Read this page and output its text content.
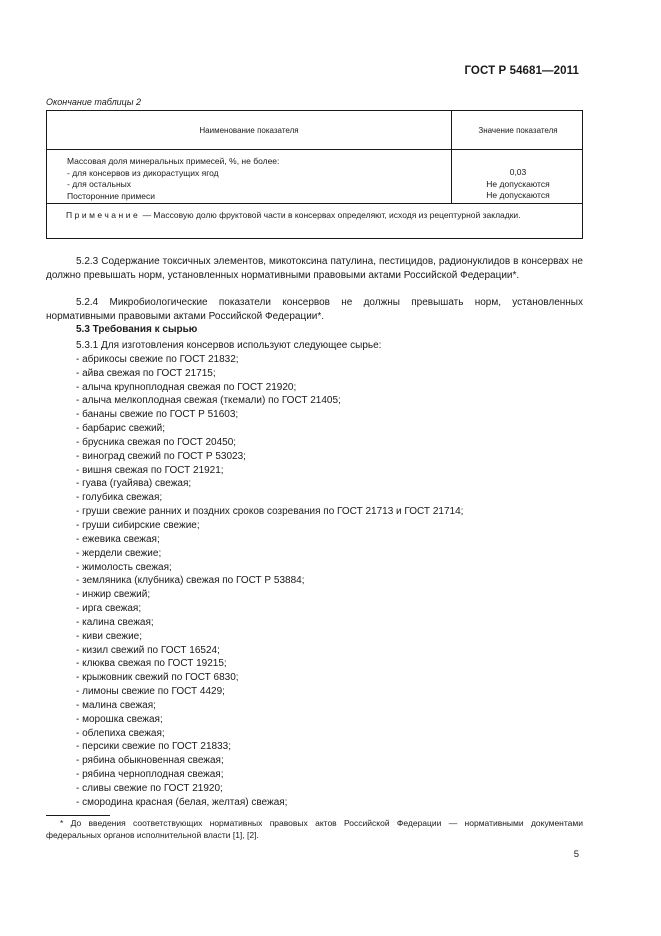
ГОСТ Р 54681—2011
Окончание таблицы 2
Наименование показателя	Значение показателя
Массовая доля минеральных примесей, %, не более:
- для консервов из дикорастущих ягод
- для остальных
Посторонние примеси
0,03
Не допускаются
Не допускаются
Примечание — Массовую долю фруктовой части в консервах определяют, исходя из рецептурной закладки.
5.2.3 Содержание токсичных элементов, микотоксина патулина, пестицидов, радионуклидов в консервах не должно превышать норм, установленных нормативными правовыми актами Российской Федерации*.
5.2.4 Микробиологические показатели консервов не должны превышать норм, установленных нормативными правовыми актами Российской Федерации*.
5.3 Требования к сырью
5.3.1 Для изготовления консервов используют следующее сырье:
- абрикосы свежие по ГОСТ 21832;
- айва свежая по ГОСТ 21715;
- алыча крупноплодная свежая по ГОСТ 21920;
- алыча мелкоплодная свежая (ткемали) по ГОСТ 21405;
- бананы свежие по ГОСТ Р 51603;
- барбарис свежий;
- брусника свежая по ГОСТ 20450;
- виноград свежий по ГОСТ Р 53023;
- вишня свежая по ГОСТ 21921;
- гуава (гуайява) свежая;
- голубика свежая;
- груши свежие ранних и поздних сроков созревания по ГОСТ 21713 и ГОСТ 21714;
- груши сибирские свежие;
- ежевика свежая;
- жердели свежие;
- жимолость свежая;
- земляника (клубника) свежая по ГОСТ Р 53884;
- инжир свежий;
- ирга свежая;
- калина свежая;
- киви свежие;
- кизил свежий по ГОСТ 16524;
- клюква свежая по ГОСТ 19215;
- крыжовник свежий по ГОСТ 6830;
- лимоны свежие по ГОСТ 4429;
- малина свежая;
- морошка свежая;
- облепиха свежая;
- персики свежие по ГОСТ 21833;
- рябина обыкновенная свежая;
- рябина черноплодная свежая;
- сливы свежие по ГОСТ 21920;
- смородина красная (белая, желтая) свежая;
* До введения соответствующих нормативных правовых актов Российской Федерации — нормативными документами федеральных органов исполнительной власти [1], [2].
5
